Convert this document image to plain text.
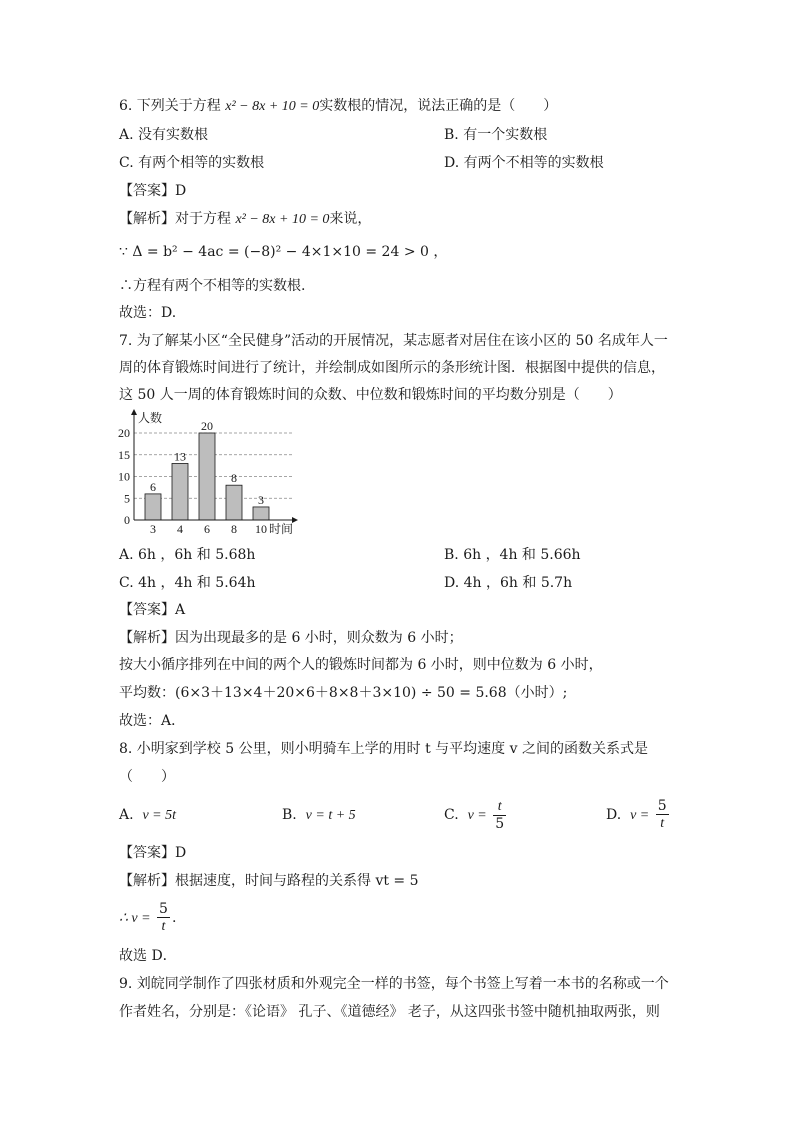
6. 下列关于方程 x² − 8x + 10 = 0实数根的情况，说法正确的是（　　）
A. 没有实数根	B. 有一个实数根
C. 有两个相等的实数根	D. 有两个不相等的实数根
【答案】D
【解析】对于方程 x² − 8x + 10 = 0来说，
∵ Δ = b² − 4ac = (−8)² − 4×1×10 = 24 > 0 ，
∴方程有两个不相等的实数根.
故选：D.
7. 为了解某小区“全民健身”活动的开展情况，某志愿者对居住在该小区的 50 名成年人一
周的体育锻炼时间进行了统计，并绘制成如图所示的条形统计图．根据图中提供的信息，
这 50 人一周的体育锻炼时间的众数、中位数和锻炼时间的平均数分别是（　　）
人数
时间
0
5
10
15
20
3 4 6 8 10
6
13
20
8
3
A. 6h ，6h 和 5.68h	B. 6h ，4h 和 5.66h
C. 4h ，4h 和 5.64h	D. 4h ，6h 和 5.7h
【答案】A
【解析】因为出现最多的是 6 小时，则众数为 6 小时；
按大小循序排列在中间的两个人的锻炼时间都为 6 小时，则中位数为 6 小时，
平均数：(6×3＋13×4＋20×6＋8×8＋3×10) ÷ 50 = 5.68（小时）;
故选：A．
8. 小明家到学校 5 公里，则小明骑车上学的用时 t 与平均速度 v 之间的函数关系式是
（　　）
A. v = 5t	B. v = t + 5	C. $v = \frac{t}{5}$	D. $v = \frac{5}{t}$
【答案】D
【解析】根据速度，时间与路程的关系得 vt = 5
∴ $v = \frac{5}{t}$ .
故选 D．
9. 刘皖同学制作了四张材质和外观完全一样的书签，每个书签上写着一本书的名称或一个
作者姓名，分别是：《论语》 孔子、《道德经》 老子，从这四张书签中随机抽取两张，则
